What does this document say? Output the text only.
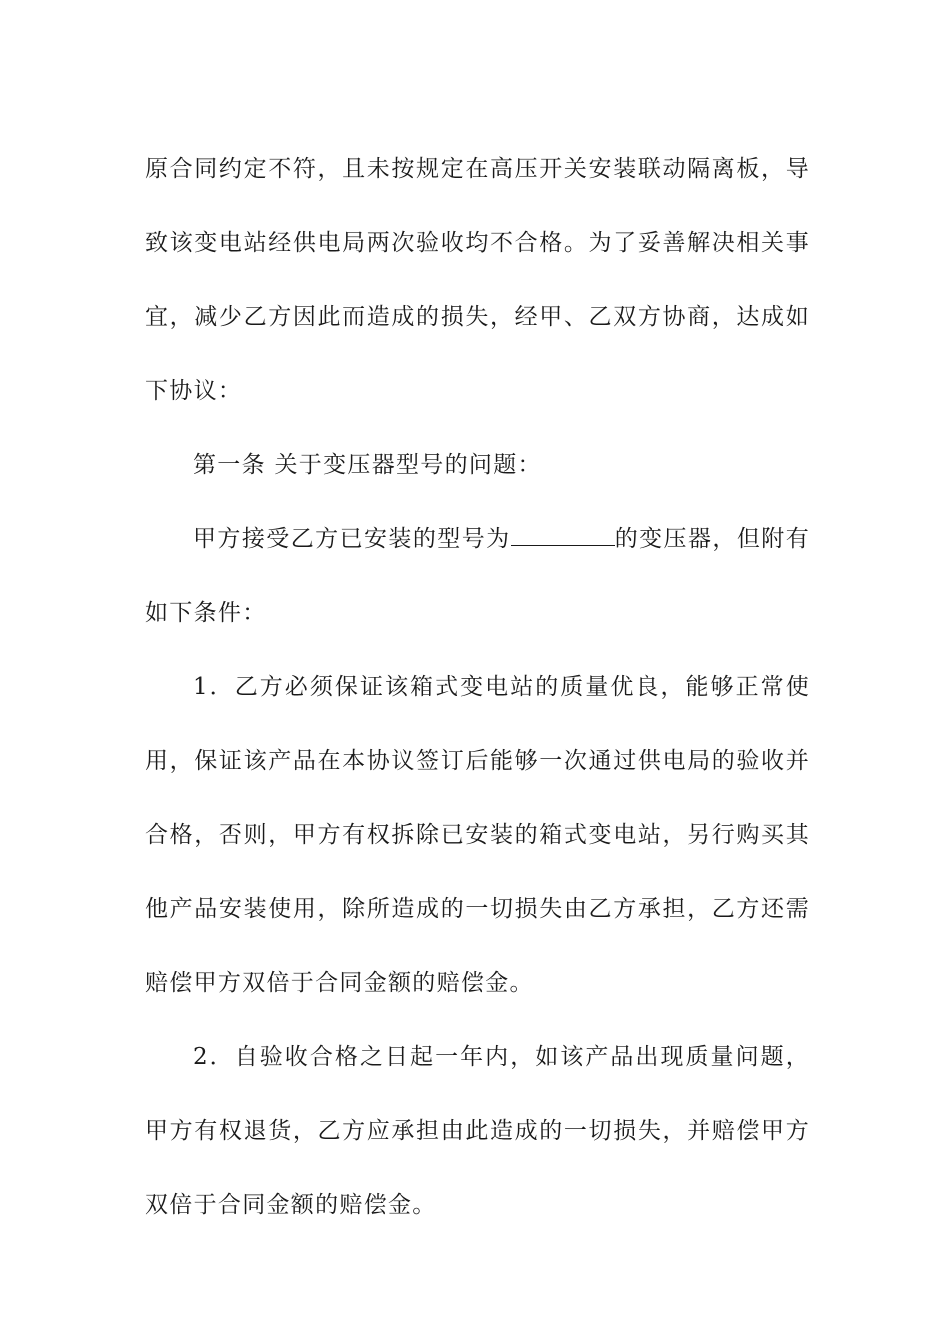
原合同约定不符，且未按规定在高压开关安装联动隔离板，导致该变电站经供电局两次验收均不合格。为了妥善解决相关事宜，减少乙方因此而造成的损失，经甲、乙双方协商，达成如下协议：

第一条 关于变压器型号的问题：

甲方接受乙方已安装的型号为	的变压器，但附有如下条件：

1．乙方必须保证该箱式变电站的质量优良，能够正常使用，保证该产品在本协议签订后能够一次通过供电局的验收并合格，否则，甲方有权拆除已安装的箱式变电站，另行购买其他产品安装使用，除所造成的一切损失由乙方承担，乙方还需赔偿甲方双倍于合同金额的赔偿金。

2．自验收合格之日起一年内，如该产品出现质量问题，甲方有权退货，乙方应承担由此造成的一切损失，并赔偿甲方双倍于合同金额的赔偿金。
